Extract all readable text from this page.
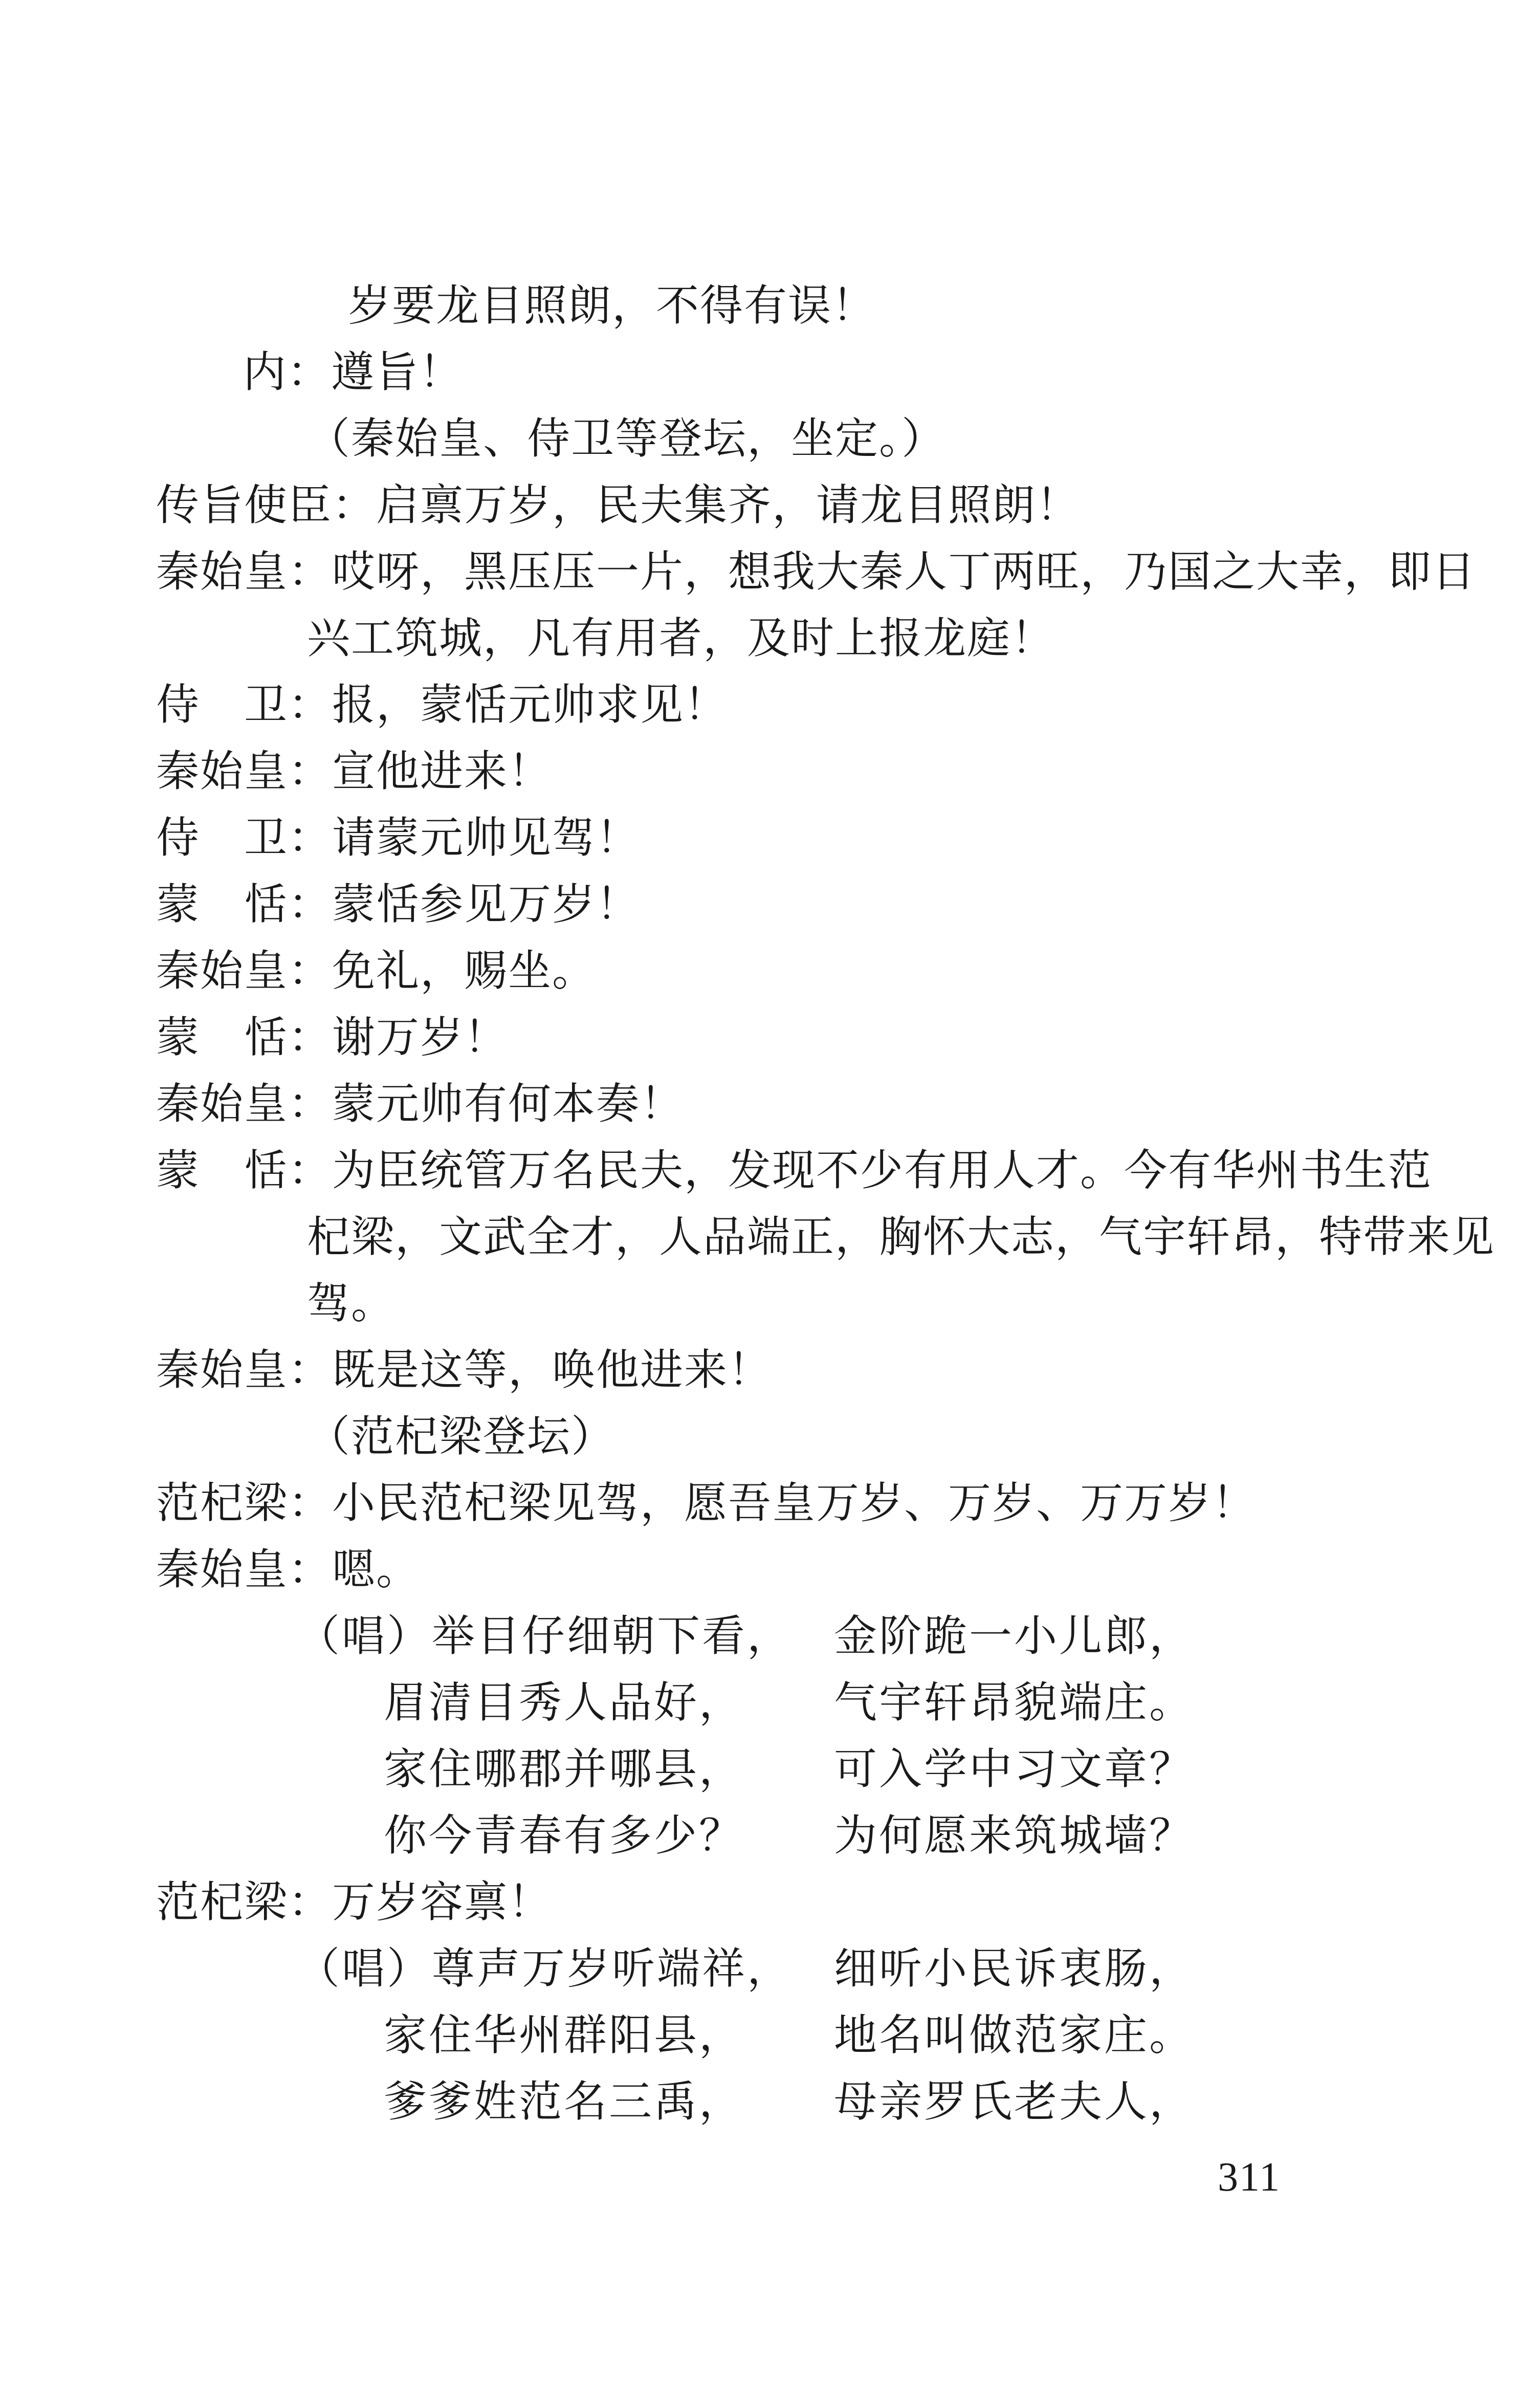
岁要龙目照朗，不得有误！
内：遵旨！
（秦始皇、侍卫等登坛，坐定。）
传旨使臣：启禀万岁，民夫集齐，请龙目照朗！
秦始皇：哎呀，黑压压一片，想我大秦人丁两旺，乃国之大幸，即日
兴工筑城，凡有用者，及时上报龙庭！
侍　卫：报，蒙恬元帅求见！
秦始皇：宣他进来！
侍　卫：请蒙元帅见驾！
蒙　恬：蒙恬参见万岁！
秦始皇：免礼，赐坐。
蒙　恬：谢万岁！
秦始皇：蒙元帅有何本奏！
蒙　恬：为臣统管万名民夫，发现不少有用人才。今有华州书生范
杞梁，文武全才，人品端正，胸怀大志，气宇轩昂，特带来见
驾。
秦始皇：既是这等，唤他进来！
（范杞梁登坛）
范杞梁：小民范杞梁见驾，愿吾皇万岁、万岁、万万岁！
秦始皇：嗯。
（唱）举目仔细朝下看， 金阶跪一小儿郎，
眉清目秀人品好， 气宇轩昂貌端庄。
家住哪郡并哪县， 可入学中习文章？
你今青春有多少？ 为何愿来筑城墙？
范杞梁：万岁容禀！
（唱）尊声万岁听端祥， 细听小民诉衷肠，
家住华州群阳县， 地名叫做范家庄。
爹爹姓范名三禹， 母亲罗氏老夫人，
311
